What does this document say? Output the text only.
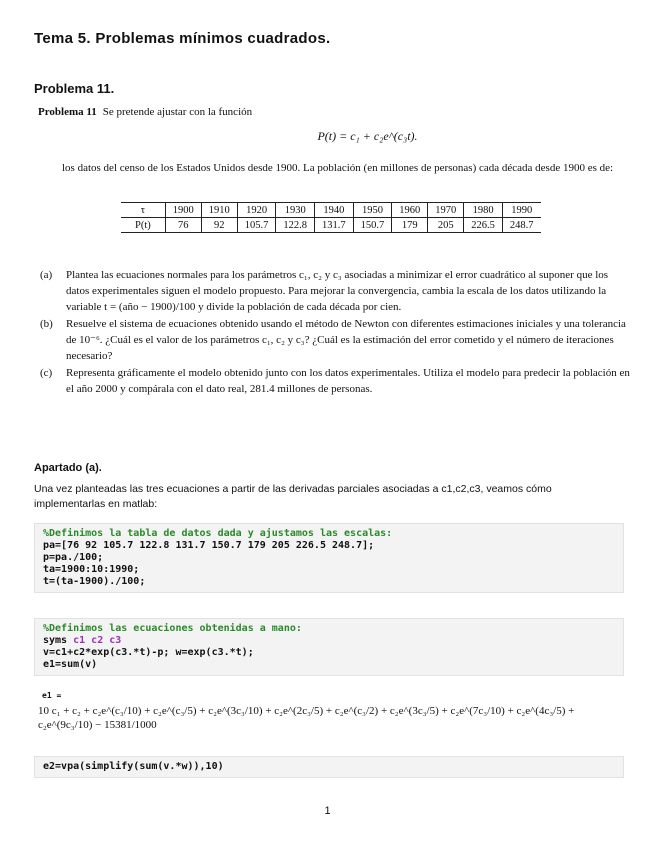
Tema 5. Problemas mínimos cuadrados.
Problema 11.
Problema 11 Se pretende ajustar con la función
P(t) = c₁ + c₂e^(c₃t).
los datos del censo de los Estados Unidos desde 1900. La población (en millones de personas) cada década desde 1900 es de:
τ	1900	1910	1920	1930	1940	1950	1960	1970	1980	1990
P(t)	76	92	105.7	122.8	131.7	150.7	179	205	226.5	248.7
(a) Plantea las ecuaciones normales para los parámetros c₁, c₂ y c₃ asociadas a minimizar el error cuadrático al suponer que los datos experimentales siguen el modelo propuesto. Para mejorar la convergencia, cambia la escala de los datos utilizando la variable t = (año − 1900)/100 y divide la población de cada década por cien.
(b) Resuelve el sistema de ecuaciones obtenido usando el método de Newton con diferentes estimaciones iniciales y una tolerancia de 10⁻⁶. ¿Cuál es el valor de los parámetros c₁, c₂ y c₃? ¿Cuál es la estimación del error cometido y el número de iteraciones necesario?
(c) Representa gráficamente el modelo obtenido junto con los datos experimentales. Utiliza el modelo para predecir la población en el año 2000 y compárala con el dato real, 281.4 millones de personas.
Apartado (a).
Una vez planteadas las tres ecuaciones a partir de las derivadas parciales asociadas a c1,c2,c3, veamos cómo implementarlas en matlab:
%Definimos la tabla de datos dada y ajustamos las escalas:
pa=[76 92 105.7 122.8 131.7 150.7 179 205 226.5 248.7];
p=pa./100;
ta=1900:10:1990;
t=(ta-1900)./100;
%Definimos las ecuaciones obtenidas a mano:
syms c1 c2 c3
v=c1+c2*exp(c3.*t)-p; w=exp(c3.*t);
e1=sum(v)
e1 =
10 c₁ + c₂ + c₂e^(c₃/10) + c₂e^(c₃/5) + c₂e^(3c₃/10) + c₂e^(2c₃/5) + c₂e^(c₃/2) + c₂e^(3c₃/5) + c₂e^(7c₃/10) + c₂e^(4c₃/5) + c₂e^(9c₃/10) − 15381/1000
e2=vpa(simplify(sum(v.*w)),10)
1
